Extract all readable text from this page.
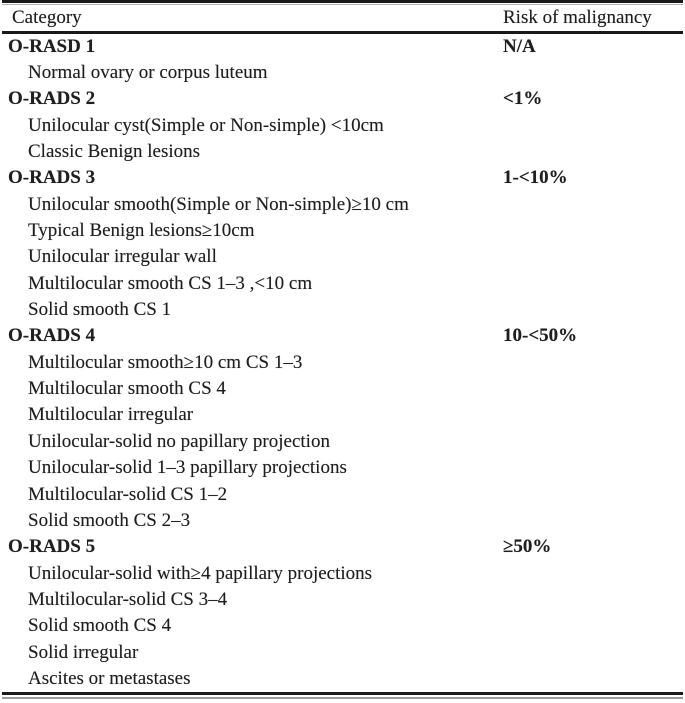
Category	Risk of malignancy
O-RASD 1	N/A
Normal ovary or corpus luteum
O-RADS 2	<1%
Unilocular cyst(Simple or Non-simple) <10cm
Classic Benign lesions
O-RADS 3	1-<10%
Unilocular smooth(Simple or Non-simple)≥10 cm
Typical Benign lesions≥10cm
Unilocular irregular wall
Multilocular smooth CS 1–3 ,<10 cm
Solid smooth CS 1
O-RADS 4	10-<50%
Multilocular smooth≥10 cm CS 1–3
Multilocular smooth CS 4
Multilocular irregular
Unilocular-solid no papillary projection
Unilocular-solid 1–3 papillary projections
Multilocular-solid CS 1–2
Solid smooth CS 2–3
O-RADS 5	≥50%
Unilocular-solid with≥4 papillary projections
Multilocular-solid CS 3–4
Solid smooth CS 4
Solid irregular
Ascites or metastases
